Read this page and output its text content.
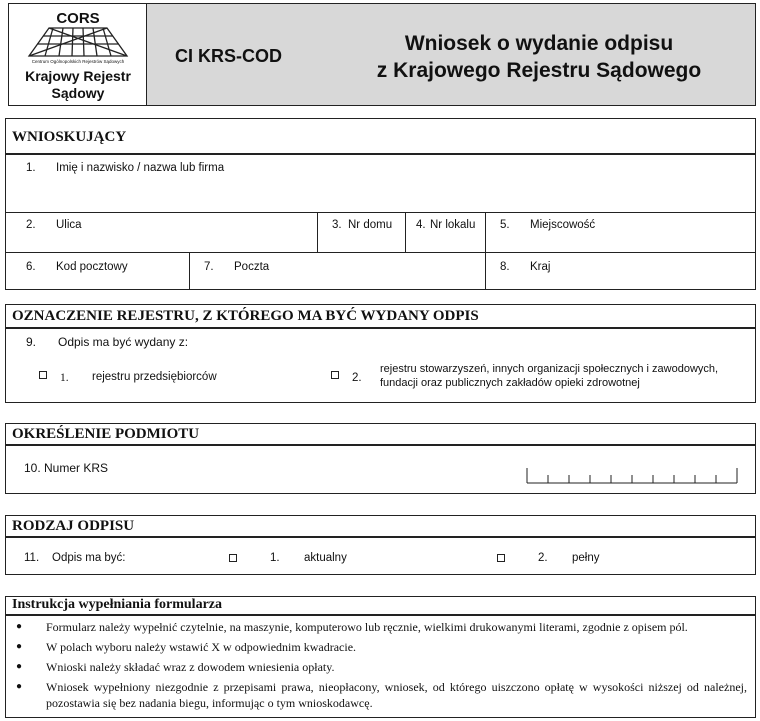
CORS
Centrum Ogólnopolskich Rejestrów Sądowych
Krajowy Rejestr
Sądowy
CI KRS-COD
Wniosek o wydanie odpisu
z Krajowego Rejestru Sądowego
WNIOSKUJĄCY
1. Imię i nazwisko / nazwa lub firma
2. Ulica	3. Nr domu 4. Nr lokalu 5. Miejscowość
6. Kod pocztowy	7. Poczta	8. Kraj
OZNACZENIE REJESTRU, Z KTÓREGO MA BYĆ WYDANY ODPIS
9. Odpis ma być wydany z:
1. rejestru przedsiębiorców	2.
rejestru stowarzyszeń, innych organizacji społecznych i zawodowych,
fundacji oraz publicznych zakładów opieki zdrowotnej
OKREŚLENIE PODMIOTU
10. Numer KRS
RODZAJ ODPISU
11. Odpis ma być:	1. aktualny	2. pełny
Instrukcja wypełniania formularza
● Formularz należy wypełnić czytelnie, na maszynie, komputerowo lub ręcznie, wielkimi drukowanymi literami, zgodnie z opisem pól.
● W polach wyboru należy wstawić X w odpowiednim kwadracie.
● Wnioski należy składać wraz z dowodem wniesienia opłaty.
● Wniosek wypełniony niezgodnie z przepisami prawa, nieopłacony, wniosek, od którego uiszczono opłatę w wysokości niższej od należnej, pozostawia się bez nadania biegu, informując o tym wnioskodawcę.
